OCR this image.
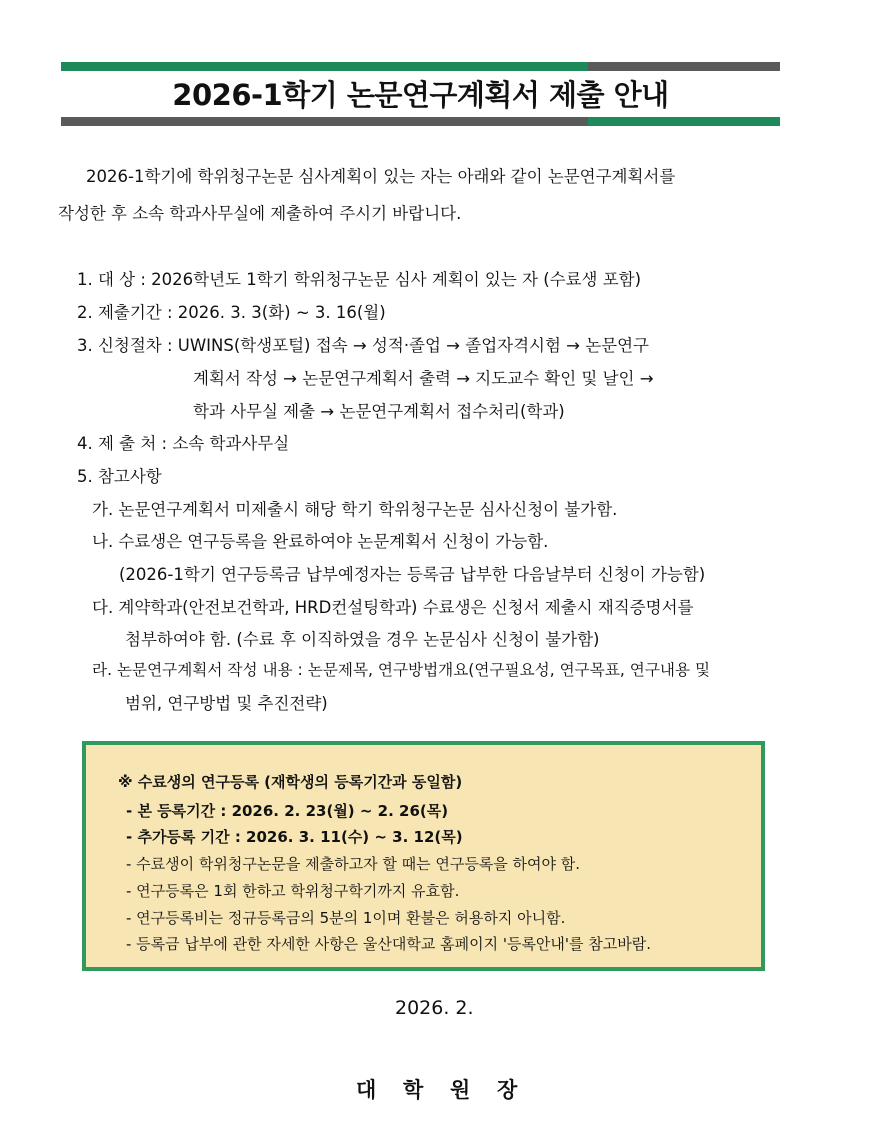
2026-1학기 논문연구계획서 제출 안내
2026-1학기에 학위청구논문 심사계획이 있는 자는 아래와 같이 논문연구계획서를
작성한 후 소속 학과사무실에 제출하여 주시기 바랍니다.
1. 대 상 : 2026학년도 1학기 학위청구논문 심사 계획이 있는 자 (수료생 포함)
2. 제출기간 : 2026. 3. 3(화) ~ 3. 16(월)
3. 신청절차 : UWINS(학생포털) 접속 → 성적·졸업 → 졸업자격시험 → 논문연구
계획서 작성 → 논문연구계획서 출력 → 지도교수 확인 및 날인 →
학과 사무실 제출 → 논문연구계획서 접수처리(학과)
4. 제 출 처 : 소속 학과사무실
5. 참고사항
가. 논문연구계획서 미제출시 해당 학기 학위청구논문 심사신청이 불가함.
나. 수료생은 연구등록을 완료하여야 논문계획서 신청이 가능함.
(2026-1학기 연구등록금 납부예정자는 등록금 납부한 다음날부터 신청이 가능함)
다. 계약학과(안전보건학과, HRD컨설팅학과) 수료생은 신청서 제출시 재직증명서를
첨부하여야 함. (수료 후 이직하였을 경우 논문심사 신청이 불가함)
라. 논문연구계획서 작성 내용 : 논문제목, 연구방법개요(연구필요성, 연구목표, 연구내용 및
범위, 연구방법 및 추진전략)
※ 수료생의 연구등록 (재학생의 등록기간과 동일함)
- 본 등록기간 : 2026. 2. 23(월) ~ 2. 26(목)
- 추가등록 기간 : 2026. 3. 11(수) ~ 3. 12(목)
- 수료생이 학위청구논문을 제출하고자 할 때는 연구등록을 하여야 함.
- 연구등록은 1회 한하고 학위청구학기까지 유효함.
- 연구등록비는 정규등록금의 5분의 1이며 환불은 허용하지 아니함.
- 등록금 납부에 관한 자세한 사항은 울산대학교 홈페이지 '등록안내'를 참고바람.
2026. 2.
대 학 원 장
